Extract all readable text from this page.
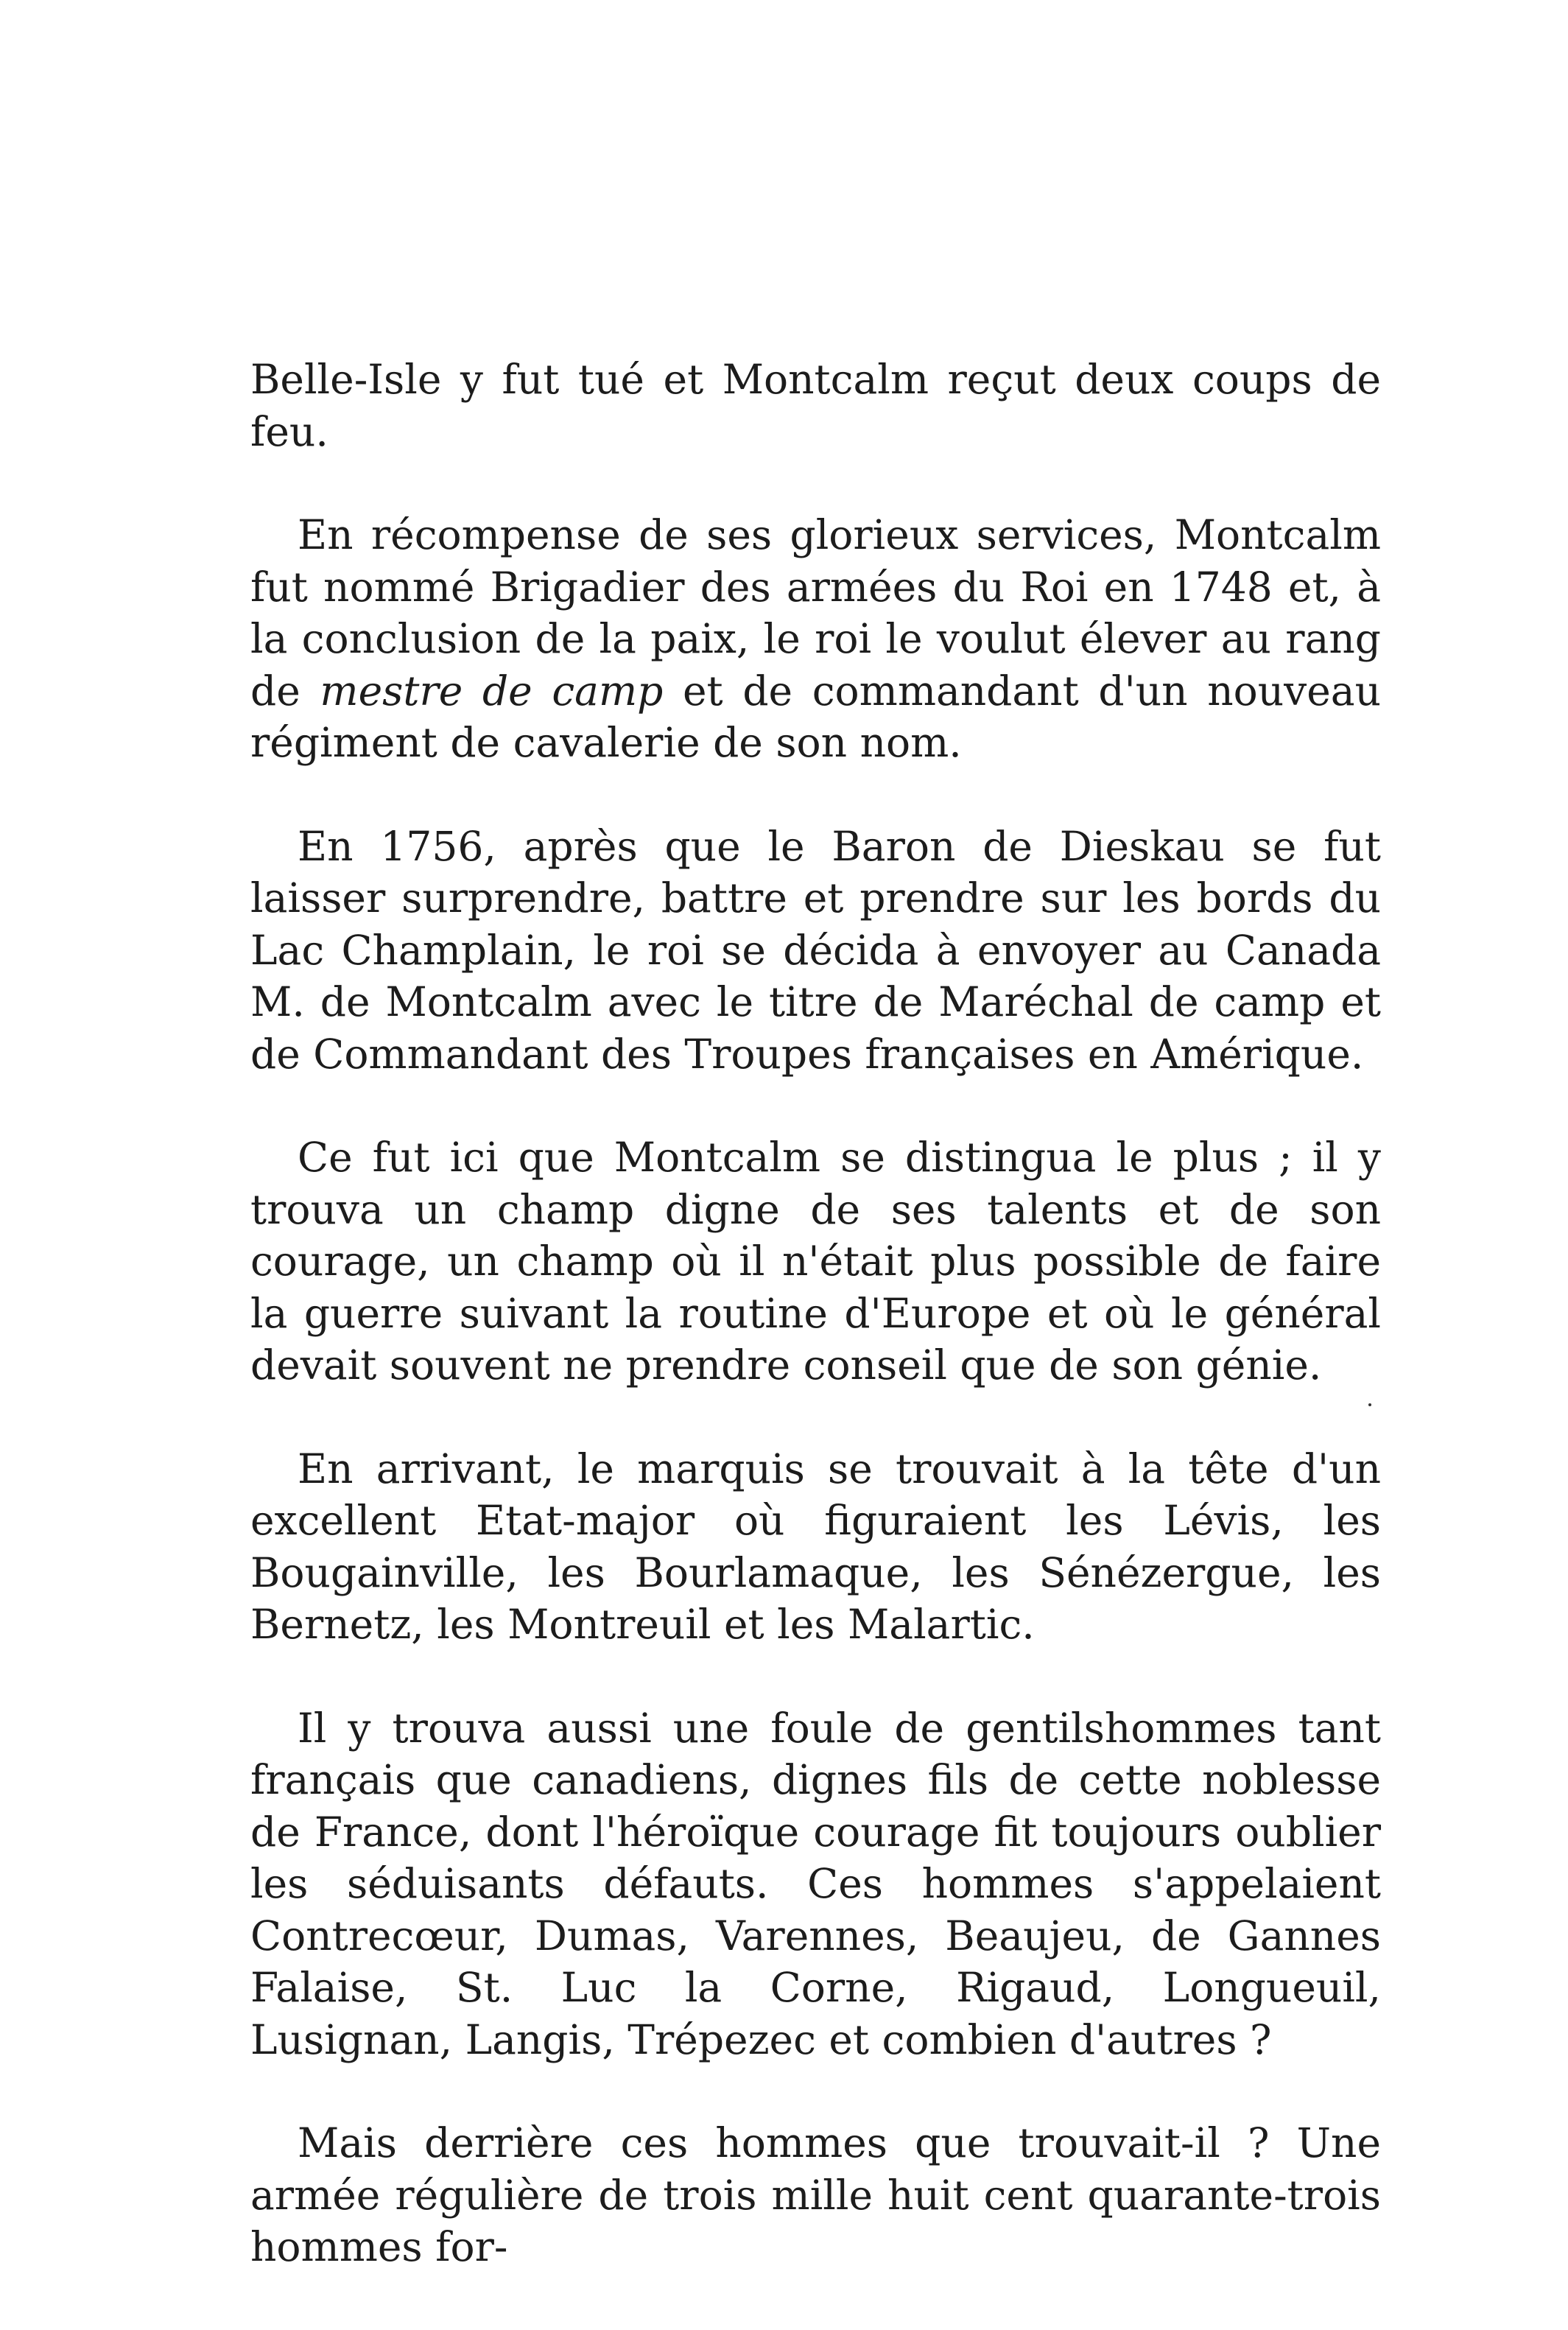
Belle-Isle y fut tué et Montcalm reçut deux coups de feu.

En récompense de ses glorieux services, Montcalm fut nommé Brigadier des armées du Roi en 1748 et, à la conclusion de la paix, le roi le voulut élever au rang de mestre de camp et de commandant d'un nouveau régiment de cavalerie de son nom.

En 1756, après que le Baron de Dieskau se fut laisser surprendre, battre et prendre sur les bords du Lac Champlain, le roi se décida à envoyer au Canada M. de Montcalm avec le titre de Maréchal de camp et de Commandant des Troupes françaises en Amérique.

Ce fut ici que Montcalm se distingua le plus ; il y trouva un champ digne de ses talents et de son courage, un champ où il n'était plus possible de faire la guerre suivant la routine d'Europe et où le général devait souvent ne prendre conseil que de son génie.

En arrivant, le marquis se trouvait à la tête d'un excellent Etat-major où figuraient les Lévis, les Bougainville, les Bourlamaque, les Sénézergue, les Bernetz, les Montreuil et les Malartic.

Il y trouva aussi une foule de gentilshommes tant français que canadiens, dignes fils de cette noblesse de France, dont l'héroïque courage fit toujours oublier les séduisants défauts. Ces hommes s'appelaient Contrecœur, Dumas, Varennes, Beaujeu, de Gannes Falaise, St. Luc la Corne, Rigaud, Longueuil, Lusignan, Langis, Trépezec et combien d'autres ?

Mais derrière ces hommes que trouvait-il ? Une armée régulière de trois mille huit cent quarante-trois hommes for-
